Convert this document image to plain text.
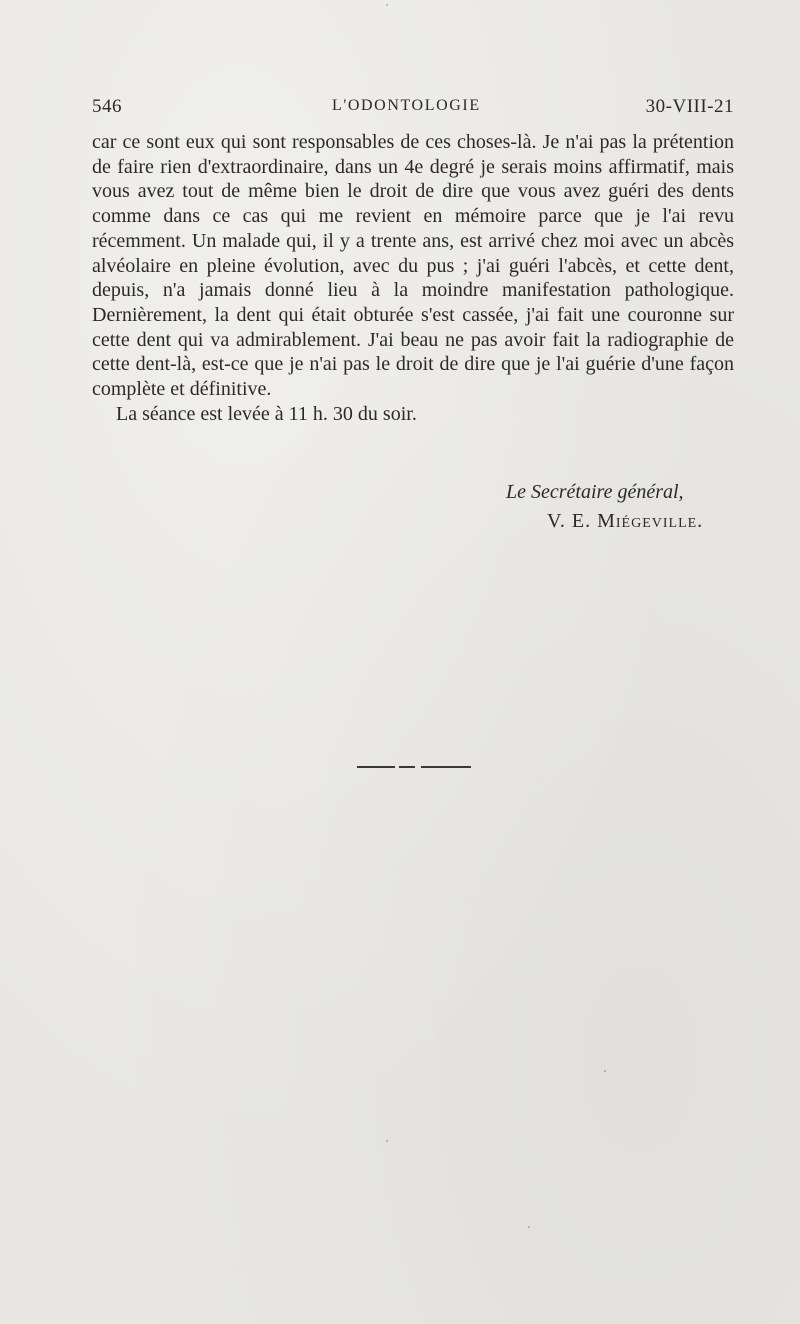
546	L'ODONTOLOGIE	30-VIII-21

car ce sont eux qui sont responsables de ces choses-là. Je n'ai pas la prétention de faire rien d'extraordinaire, dans un 4e degré je serais moins affirmatif, mais vous avez tout de même bien le droit de dire que vous avez guéri des dents comme dans ce cas qui me revient en mémoire parce que je l'ai revu récemment. Un malade qui, il y a trente ans, est arrivé chez moi avec un abcès alvéolaire en pleine évolution, avec du pus ; j'ai guéri l'abcès, et cette dent, depuis, n'a jamais donné lieu à la moindre manifestation pathologique. Dernièrement, la dent qui était obturée s'est cassée, j'ai fait une couronne sur cette dent qui va admirablement. J'ai beau ne pas avoir fait la radiographie de cette dent-là, est-ce que je n'ai pas le droit de dire que je l'ai guérie d'une façon complète et définitive.

La séance est levée à 11 h. 30 du soir.

Le Secrétaire général,
V. E. Miégeville.
